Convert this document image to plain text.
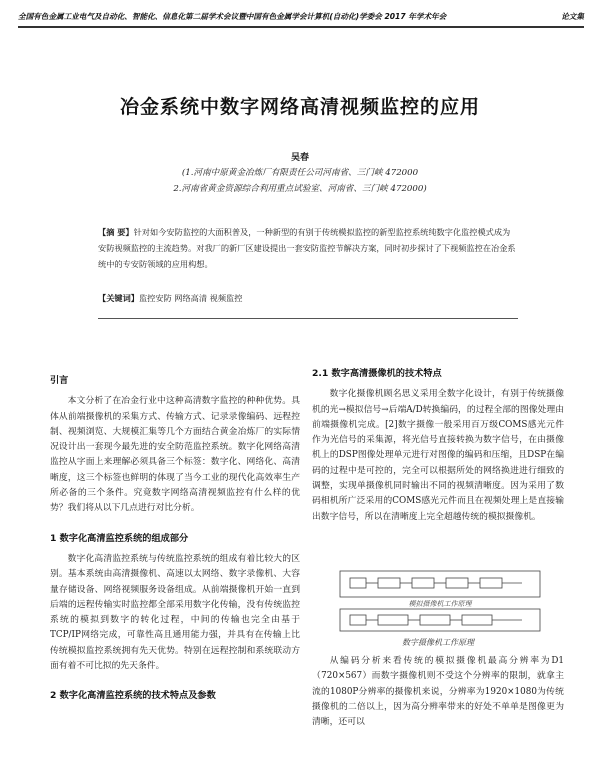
全国有色金属工业电气及自动化、智能化、信息化第二届学术会议暨中国有色金属学会计算机(自动化)学委会 2017 年学术年会	论文集
冶金系统中数字网络高清视频监控的应用
吴春
(1.河南中原黄金冶炼厂有限责任公司河南省、三门峡 472000
2.河南省黄金资源综合利用重点试验室、河南省、三门峡 472000)
【摘 要】针对如今安防监控的大面积普及，一种新型的有别于传统模拟监控的新型监控系统纯数字化监控模式成为安防视频监控的主流趋势。对我厂的新厂区建设提出一套安防监控节解决方案，同时初步探讨了下视频监控在冶金系统中的专安防领域的应用构想。
【关键词】监控安防 网络高清 视频监控
引言

本文分析了在冶金行业中这种高清数字监控的种种优势。具体从前端摄像机的采集方式、传输方式、记录录像编码、远程控制、视频浏览、大规模汇集等几个方面结合黄金冶炼厂的实际情况设计出一套现今最先进的安全防范监控系统。数字化网络高清监控从字面上来理解必须具备三个标签：数字化、网络化、高清晰度，这三个标签也鲜明的体现了当今工业的现代化高效率生产所必备的三个条件。究竟数字网络高清视频监控有什么样的优势？我们将从以下几点进行对比分析。

1 数字化高清监控系统的组成部分

数字化高清监控系统与传统监控系统的组成有着比较大的区别。基本系统由高清摄像机、高速以太网络、数字录像机、大容量存储设备、网络视频服务设备组成。从前端摄像机开始一直到后端的远程传输实时监控都全部采用数字化传输，没有传统监控系统的模拟到数字的转化过程，中间的传输也完全由基于TCP/IP网络完成，可靠性高且通用能力强，并具有在传输上比传统模拟监控系统拥有先天优势。特别在远程控制和系统联动方面有着不可比拟的先天条件。

2 数字化高清监控系统的技术特点及参数
2.1 数字高清摄像机的技术特点

数字化摄像机顾名思义采用全数字化设计，有别于传统摄像机的光→模拟信号→后端A/D转换编码，的过程全部的图像处理由前端摄像机完成。[2]数字摄像一般采用百万级COMS感光元件作为光信号的采集源，将光信号直接转换为数字信号，在由摄像机上的DSP图像处理单元进行对图像的编码和压缩，且DSP在编码的过程中是可控的，完全可以根据所处的网络换进进行细致的调整，实现单摄像机同时输出不同的视频清晰度。因为采用了数码相机所广泛采用的COMS感光元件而且在视频处理上是直接输出数字信号，所以在清晰度上完全超越传统的模拟摄像机。

模拟摄像机工作原理
数字摄像机工作原理

从编码分析来看传统的模拟摄像机最高分辨率为D1（720×567）而数字摄像机则不受这个分辨率的限制，就拿主流的1080P分辨率的摄像机来说，分辨率为1920×1080为传统摄像机的二倍以上，因为高分辨率带来的好处不单单是图像更为清晰，还可以
